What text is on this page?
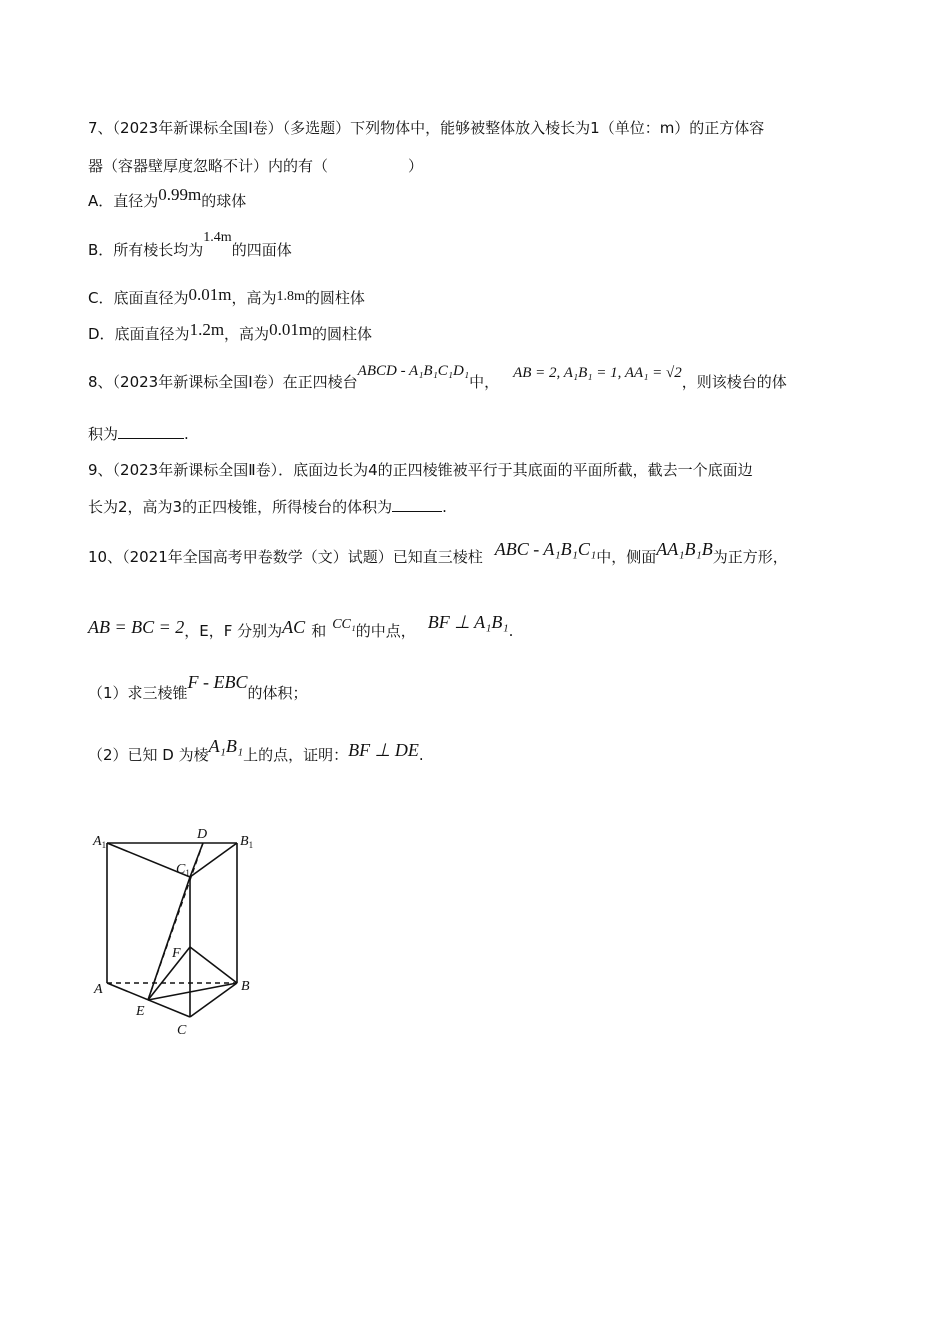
7、（2023年新课标全国Ⅰ卷）（多选题）下列物体中，能够被整体放入棱长为1（单位：m）的正方体容
器（容器壁厚度忽略不计）内的有（	）
A．直径为0.99m的球体
B．所有棱长均为1.4m的四面体
C．底面直径为0.01m，高为1.8m的圆柱体
D．底面直径为1.2m，高为0.01m的圆柱体
8、（2023年新课标全国Ⅰ卷）在正四棱台ABCD - A₁B₁C₁D₁中， AB = 2, A₁B₁ = 1, AA₁ = √2，则该棱台的体
积为	.
9、（2023年新课标全国Ⅱ卷）．底面边长为4的正四棱锥被平行于其底面的平面所截，截去一个底面边
长为2，高为3的正四棱锥，所得棱台的体积为	.
10、（2021年全国高考甲卷数学（文）试题）已知直三棱柱 ABC - A₁B₁C₁中，侧面AA₁B₁B为正方形，
AB = BC = 2，E，F 分别为AC 和 CC₁的中点， BF ⊥ A₁B₁.
（1）求三棱锥F - EBC的体积；
（2）已知 D 为棱A₁B₁上的点，证明：BF ⊥ DE.
$A_1$
D $B_1$
$C_1$
F
A	B
E
C
